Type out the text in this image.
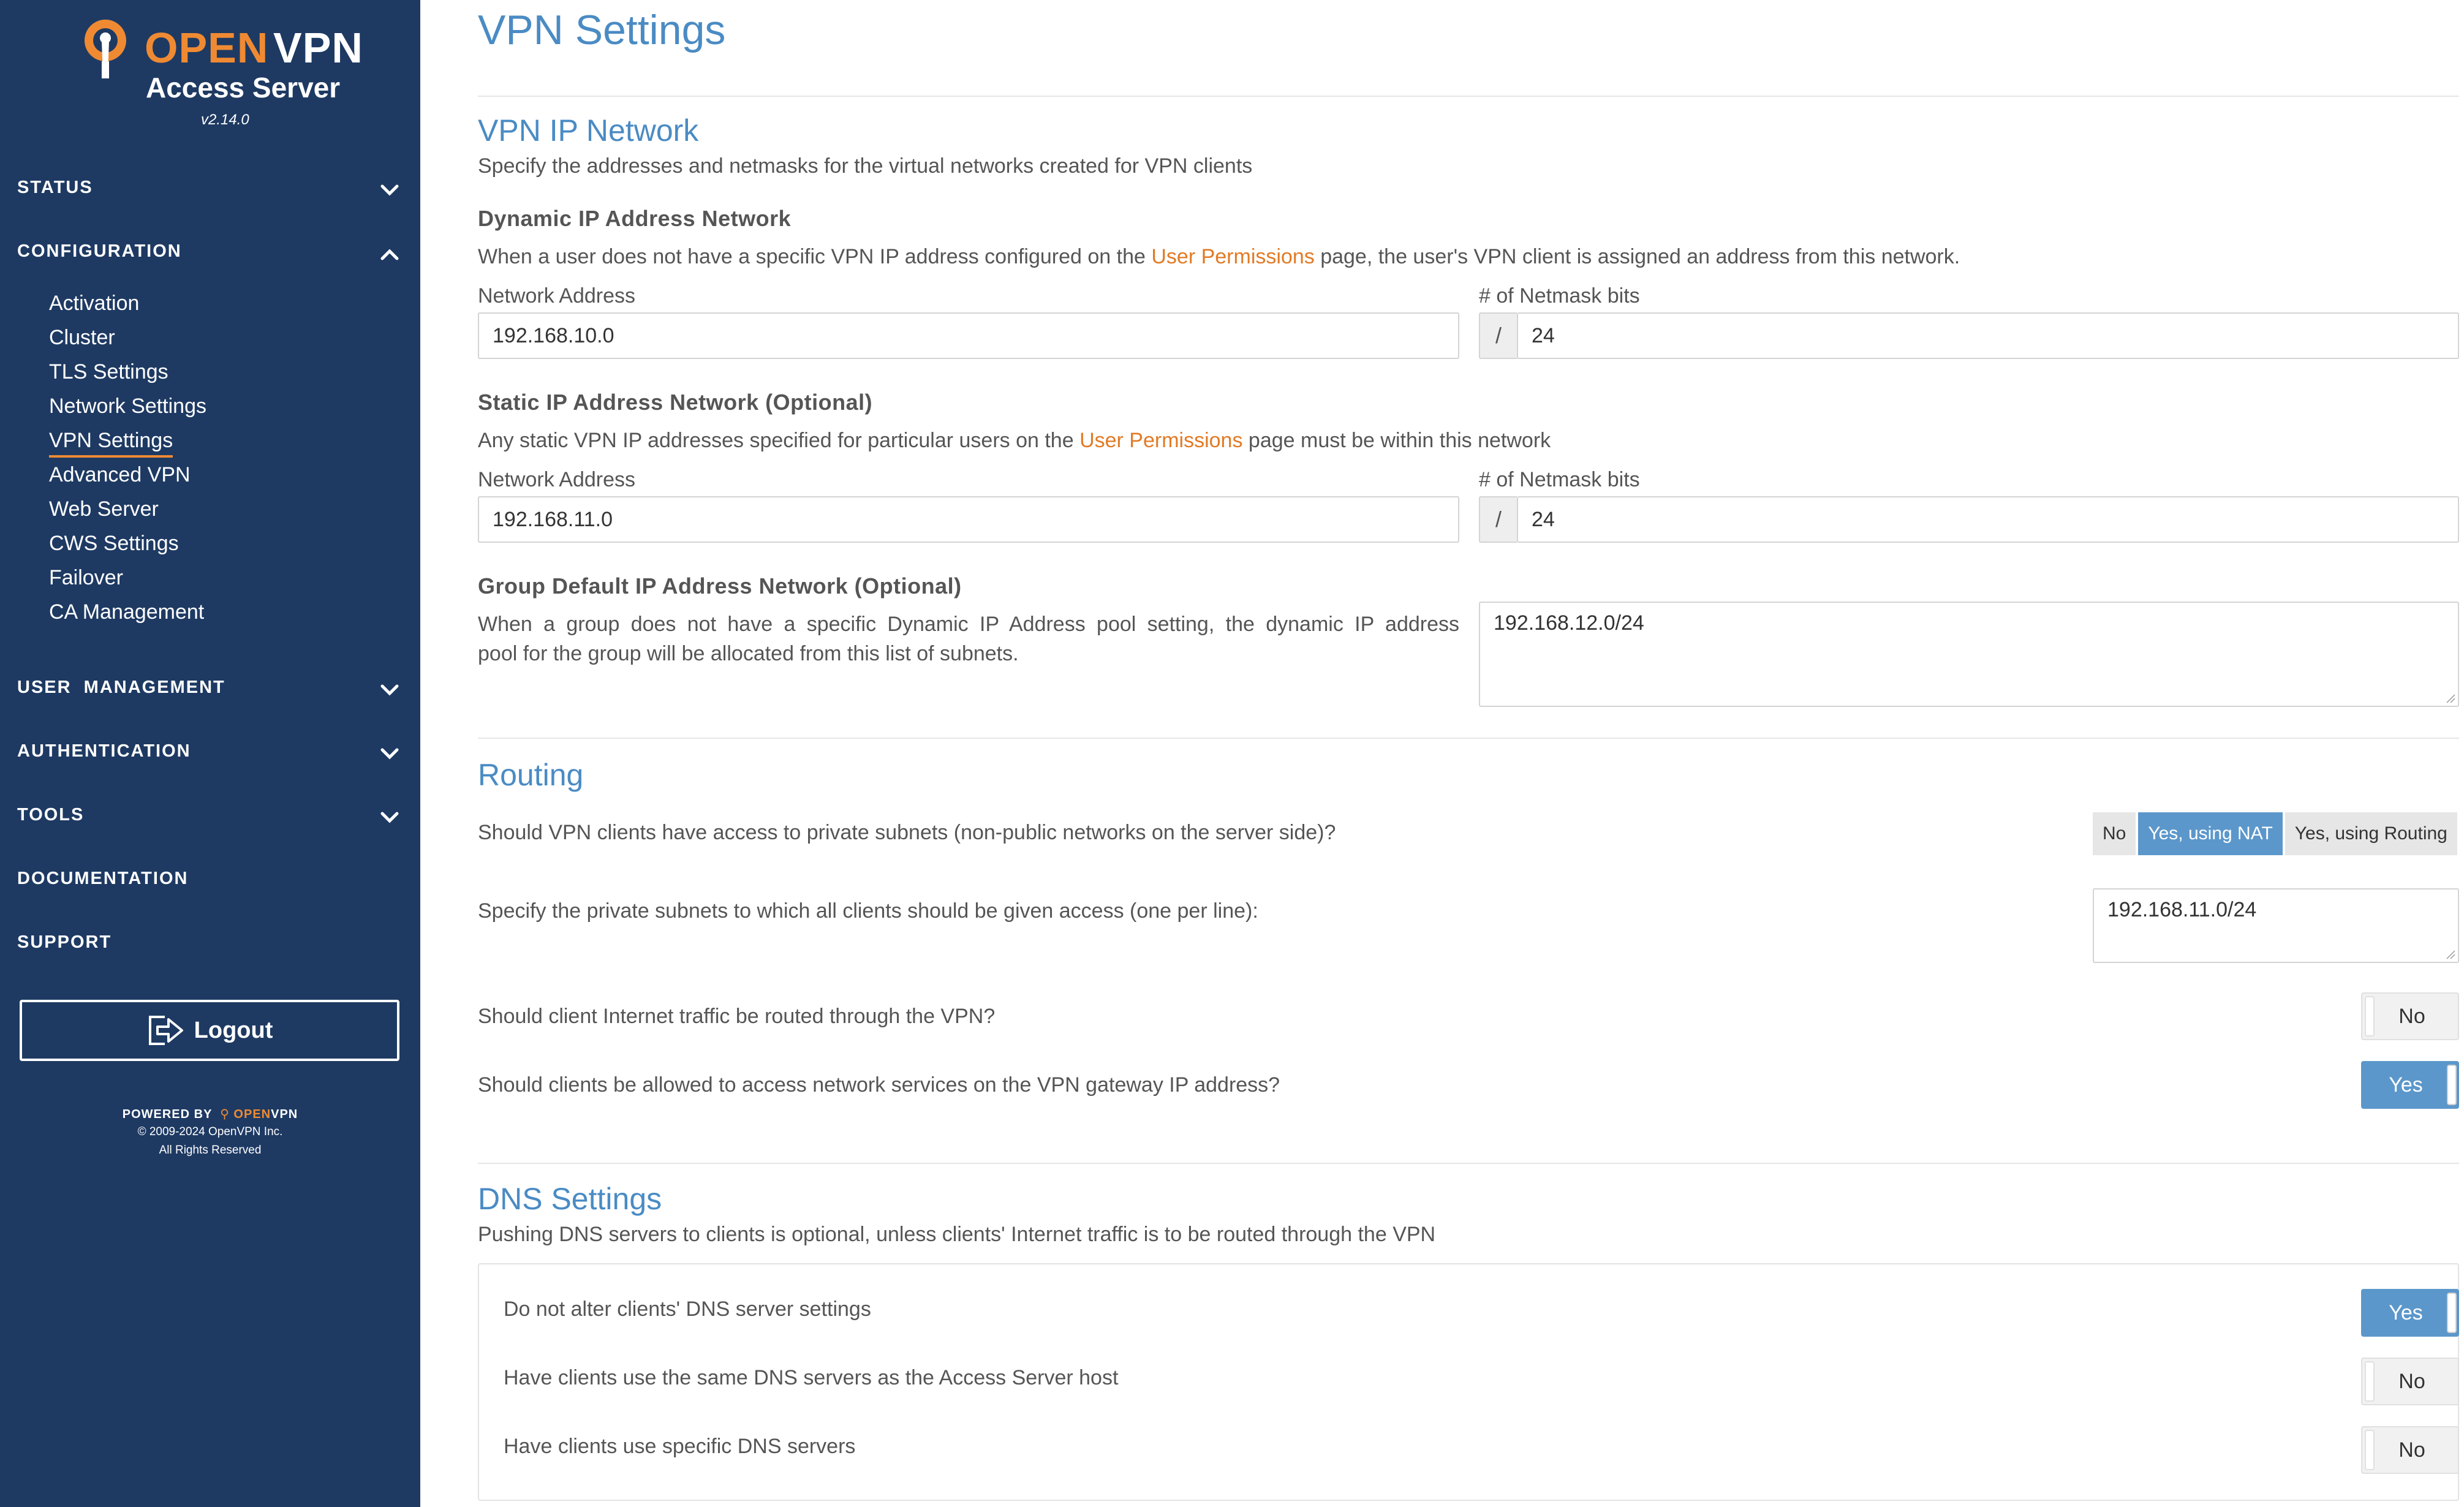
OPEN VPN
Access Server
v2.14.0
STATUS
CONFIGURATION
Activation
Cluster
TLS Settings
Network Settings
VPN Settings
Advanced VPN
Web Server
CWS Settings
Failover
CA Management
USER  MANAGEMENT
AUTHENTICATION
TOOLS
DOCUMENTATION
SUPPORT
Logout
POWERED BY ⚲ OPENVPN
© 2009-2024 OpenVPN Inc.
All Rights Reserved
VPN Settings
VPN IP Network
Specify the addresses and netmasks for the virtual networks created for VPN clients
Dynamic IP Address Network
When a user does not have a specific VPN IP address configured on the User Permissions page, the user's VPN client is assigned an address from this network.
Network Address
192.168.10.0
# of Netmask bits
/	24
Static IP Address Network (Optional)
Any static VPN IP addresses specified for particular users on the User Permissions page must be within this network
Network Address
192.168.11.0
# of Netmask bits
/	24
Group Default IP Address Network (Optional)
When a group does not have a specific Dynamic IP Address pool setting, the dynamic IP address
pool for the group will be allocated from this list of subnets.
192.168.12.0/24
Routing
Should VPN clients have access to private subnets (non-public networks on the server side)?	No	Yes, using NAT	Yes, using Routing
Specify the private subnets to which all clients should be given access (one per line):	192.168.11.0/24
Should client Internet traffic be routed through the VPN?	No
Should clients be allowed to access network services on the VPN gateway IP address?	Yes
DNS Settings
Pushing DNS servers to clients is optional, unless clients' Internet traffic is to be routed through the VPN
Do not alter clients' DNS server settings	Yes
Have clients use the same DNS servers as the Access Server host	No
Have clients use specific DNS servers	No
